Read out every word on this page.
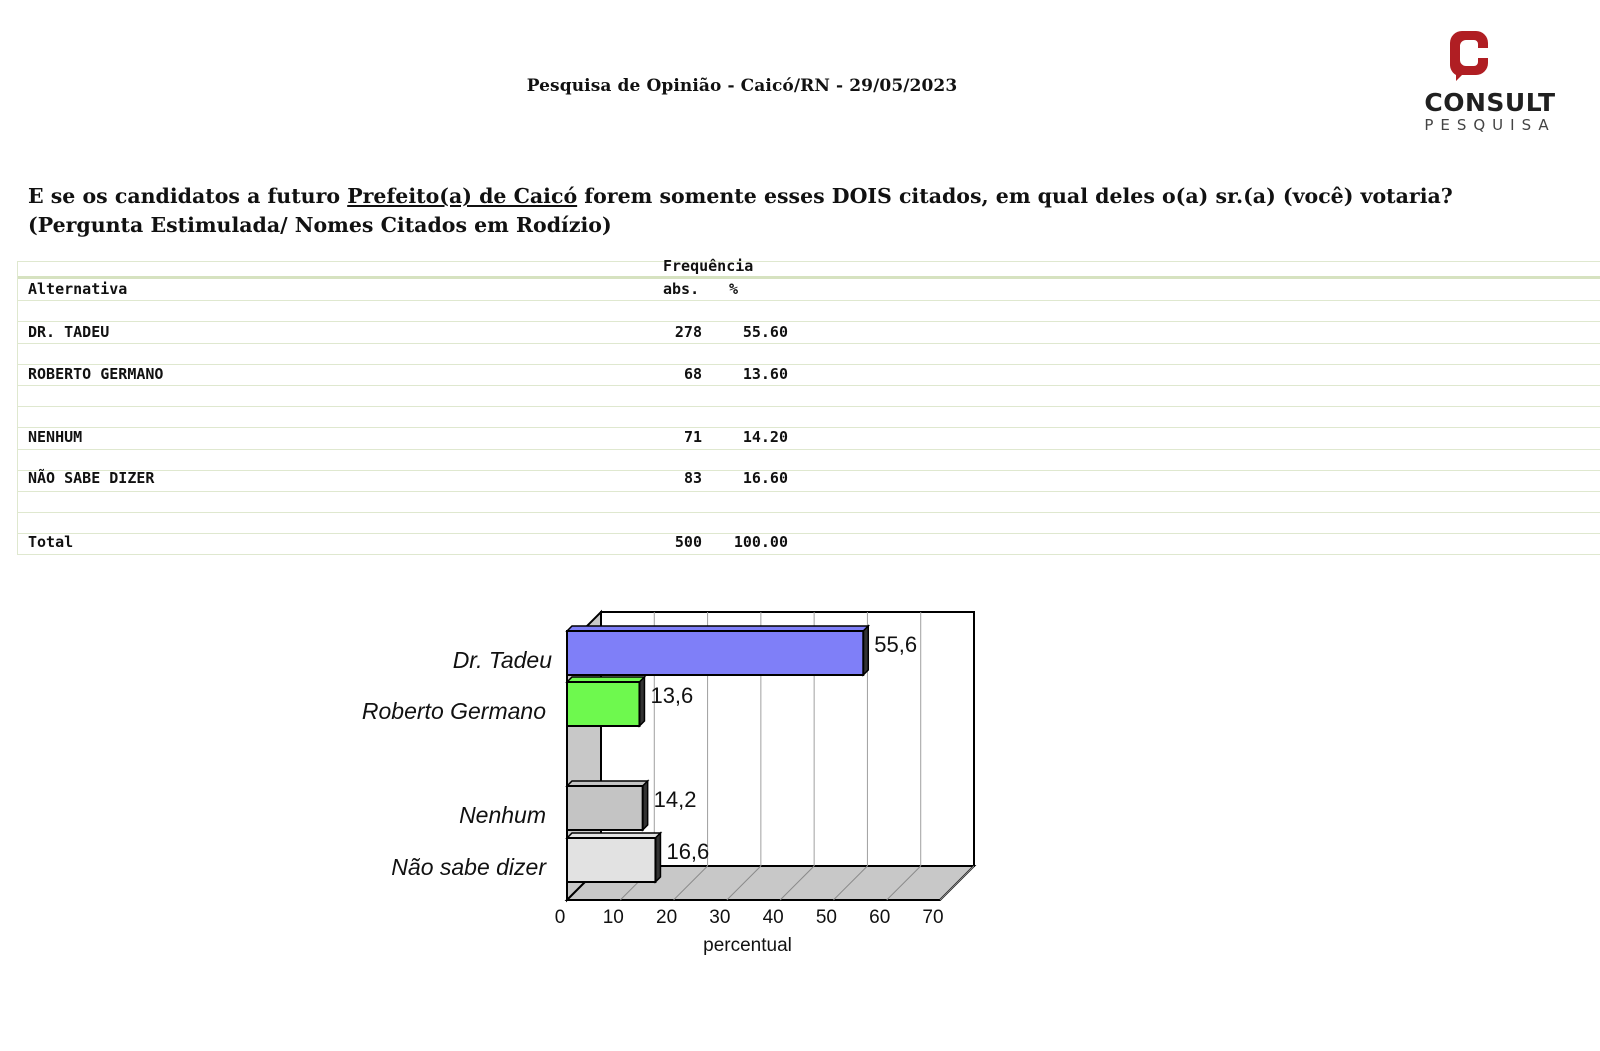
Pesquisa de Opinião - Caicó/RN - 29/05/2023
CONSULT
PESQUISA
E se os candidatos a futuro Prefeito(a) de Caicó forem somente esses DOIS citados, em qual deles o(a) sr.(a) (você) votaria?
(Pergunta Estimulada/ Nomes Citados em Rodízio)
Frequência
Alternativa	abs. %
DR. TADEU	278	55.60
ROBERTO GERMANO	68	13.60
NENHUM	71	14.20
NÃO SABE DIZER	83	16.60
Total	500	100.00
0 10 20 30 40 50 60 70
percentual
55,6
Dr. Tadeu
13,6
Roberto Germano
14,2
Nenhum
16,6
Não sabe dizer
